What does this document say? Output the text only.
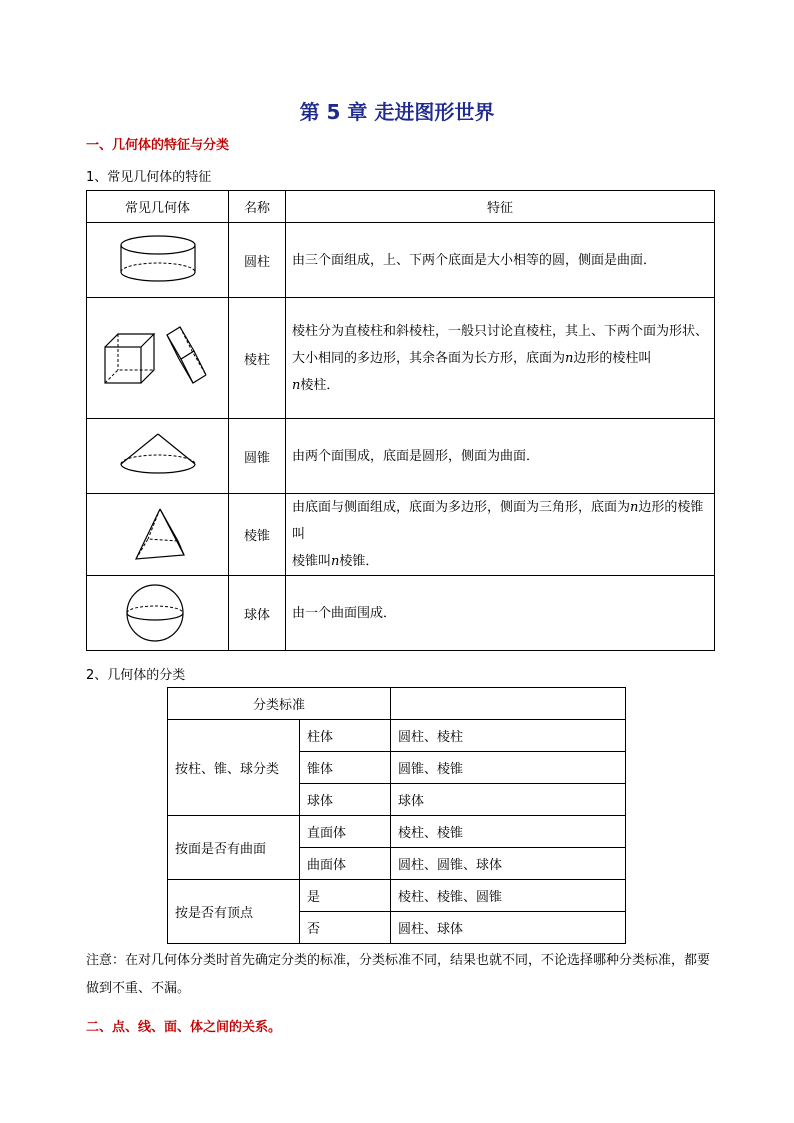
第 5 章 走进图形世界
一、几何体的特征与分类
1、常见几何体的特征
常见几何体	名称	特征

	圆柱	由三个面组成，上、下两个底面是大小相等的圆，侧面是曲面．

	棱柱	棱柱分为直棱柱和斜棱柱，一般只讨论直棱柱，其上、下两个面为形状、大小相同的多边形，其余各面为长方形，底面为n边形的棱柱叫
n棱柱．

	圆锥	由两个面围成，底面是圆形，侧面为曲面．

	棱锥	由底面与侧面组成，底面为多边形，侧面为三角形，底面为n边形的棱锥叫
棱锥叫n棱锥．

	球体	由一个曲面围成．
2、几何体的分类
分类标准		
按柱、锥、球分类	柱体	圆柱、棱柱
	锥体	圆锥、棱锥
	球体	球体
按面是否有曲面	直面体	棱柱、棱锥
	曲面体	圆柱、圆锥、球体
按是否有顶点	是	棱柱、棱锥、圆锥
	否	圆柱、球体
注意：在对几何体分类时首先确定分类的标准，分类标准不同，结果也就不同，不论选择哪种分类标准，都要做到不重、不漏。
二、点、线、面、体之间的关系。
